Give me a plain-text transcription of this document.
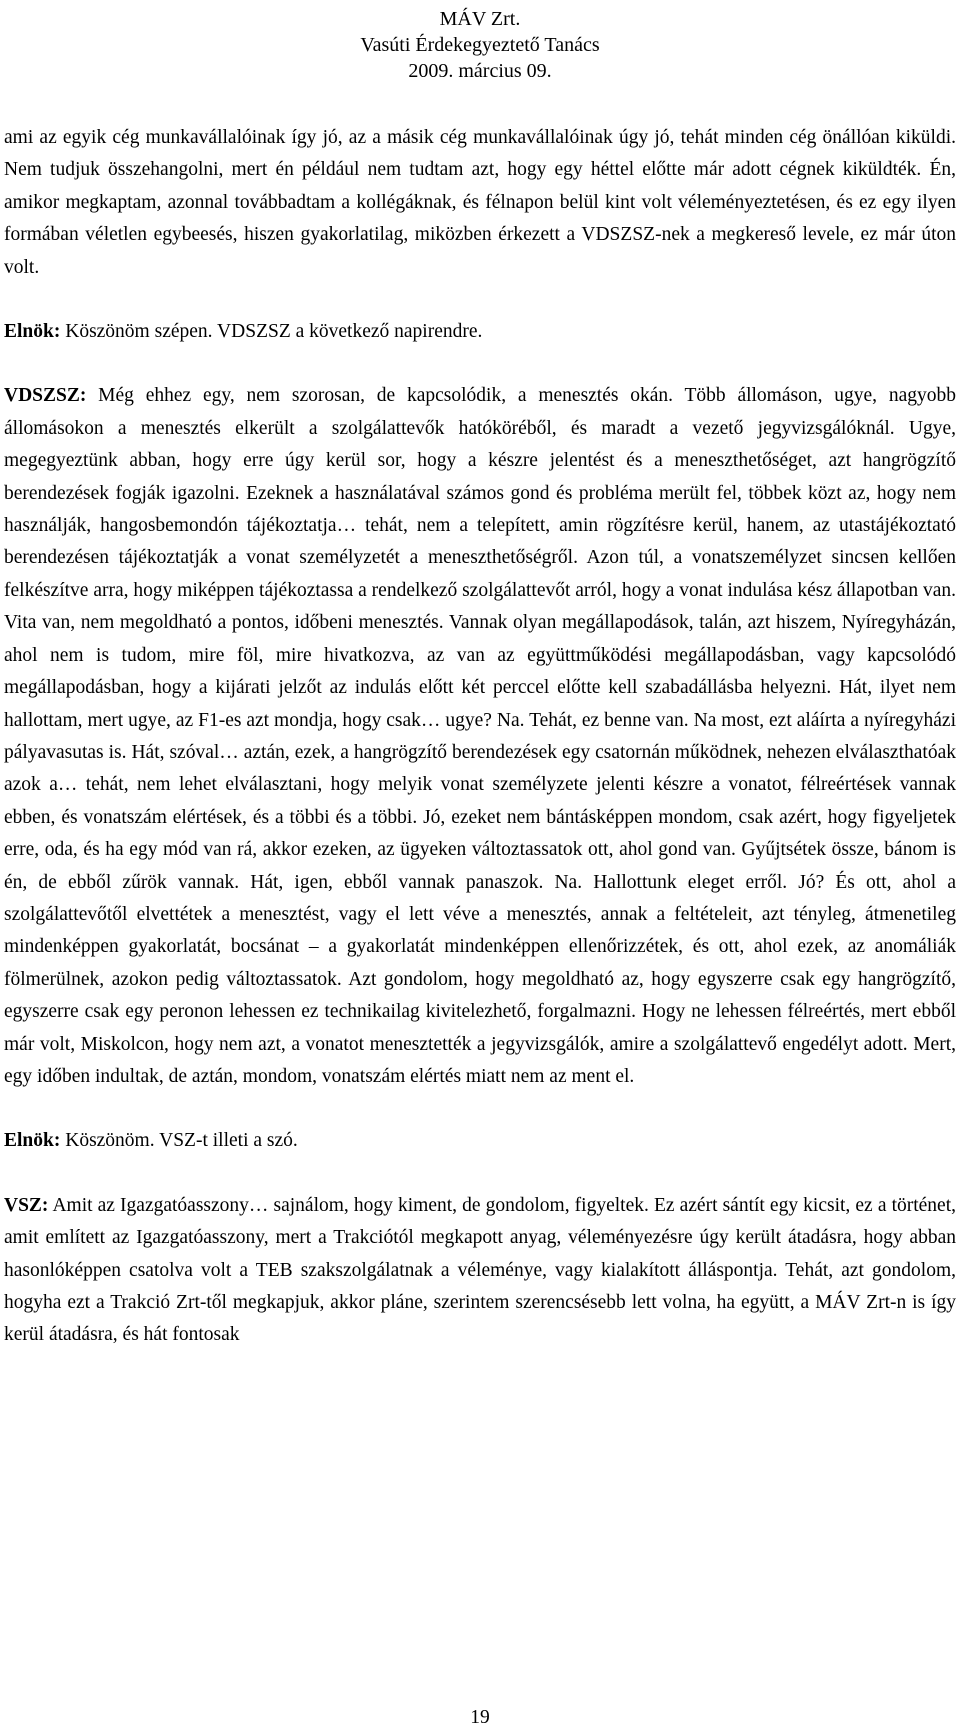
MÁV Zrt.
Vasúti Érdekegyeztető Tanács
2009. március 09.

ami az egyik cég munkavállalóinak így jó, az a másik cég munkavállalóinak úgy jó, tehát minden cég önállóan kiküldi. Nem tudjuk összehangolni, mert én például nem tudtam azt, hogy egy héttel előtte már adott cégnek kiküldték. Én, amikor megkaptam, azonnal továbbadtam a kollégáknak, és félnapon belül kint volt véleményeztetésen, és ez egy ilyen formában véletlen egybeesés, hiszen gyakorlatilag, miközben érkezett a VDSZSZ-nek a megkereső levele, ez már úton volt.

Elnök: Köszönöm szépen. VDSZSZ a következő napirendre.

VDSZSZ: Még ehhez egy, nem szorosan, de kapcsolódik, a menesztés okán. Több állomáson, ugye, nagyobb állomásokon a menesztés elkerült a szolgálattevők hatóköréből, és maradt a vezető jegyvizsgálóknál. Ugye, megegyeztünk abban, hogy erre úgy kerül sor, hogy a készre jelentést és a meneszthetőséget, azt hangrögzítő berendezések fogják igazolni. Ezeknek a használatával számos gond és probléma merült fel, többek közt az, hogy nem használják, hangosbemondón tájékoztatja… tehát, nem a telepített, amin rögzítésre kerül, hanem, az utastájékoztató berendezésen tájékoztatják a vonat személyzetét a meneszthetőségről. Azon túl, a vonatszemélyzet sincsen kellően felkészítve arra, hogy miképpen tájékoztassa a rendelkező szolgálattevőt arról, hogy a vonat indulása kész állapotban van. Vita van, nem megoldható a pontos, időbeni menesztés. Vannak olyan megállapodások, talán, azt hiszem, Nyíregyházán, ahol nem is tudom, mire föl, mire hivatkozva, az van az együttműködési megállapodásban, vagy kapcsolódó megállapodásban, hogy a kijárati jelzőt az indulás előtt két perccel előtte kell szabadállásba helyezni. Hát, ilyet nem hallottam, mert ugye, az F1-es azt mondja, hogy csak… ugye? Na. Tehát, ez benne van. Na most, ezt aláírta a nyíregyházi pályavasutas is. Hát, szóval… aztán, ezek, a hangrögzítő berendezések egy csatornán működnek, nehezen elválaszthatóak azok a… tehát, nem lehet elválasztani, hogy melyik vonat személyzete jelenti készre a vonatot, félreértések vannak ebben, és vonatszám elértések, és a többi és a többi. Jó, ezeket nem bántásképpen mondom, csak azért, hogy figyeljetek erre, oda, és ha egy mód van rá, akkor ezeken, az ügyeken változtassatok ott, ahol gond van. Gyűjtsétek össze, bánom is én, de ebből zűrök vannak. Hát, igen, ebből vannak panaszok. Na. Hallottunk eleget erről. Jó? És ott, ahol a szolgálattevőtől elvettétek a menesztést, vagy el lett véve a menesztés, annak a feltételeit, azt tényleg, átmenetileg mindenképpen gyakorlatát, bocsánat – a gyakorlatát mindenképpen ellenőrizzétek, és ott, ahol ezek, az anomáliák fölmerülnek, azokon pedig változtassatok. Azt gondolom, hogy megoldható az, hogy egyszerre csak egy hangrögzítő, egyszerre csak egy peronon lehessen ez technikailag kivitelezhető, forgalmazni. Hogy ne lehessen félreértés, mert ebből már volt, Miskolcon, hogy nem azt, a vonatot menesztették a jegyvizsgálók, amire a szolgálattevő engedélyt adott. Mert, egy időben indultak, de aztán, mondom, vonatszám elértés miatt nem az ment el.

Elnök: Köszönöm. VSZ-t illeti a szó.

VSZ: Amit az Igazgatóasszony… sajnálom, hogy kiment, de gondolom, figyeltek. Ez azért sántít egy kicsit, ez a történet, amit említett az Igazgatóasszony, mert a Trakciótól megkapott anyag, véleményezésre úgy került átadásra, hogy abban hasonlóképpen csatolva volt a TEB szakszolgálatnak a véleménye, vagy kialakított álláspontja. Tehát, azt gondolom, hogyha ezt a Trakció Zrt-től megkapjuk, akkor pláne, szerintem szerencsésebb lett volna, ha együtt, a MÁV Zrt-n is így kerül átadásra, és hát fontosak

19
